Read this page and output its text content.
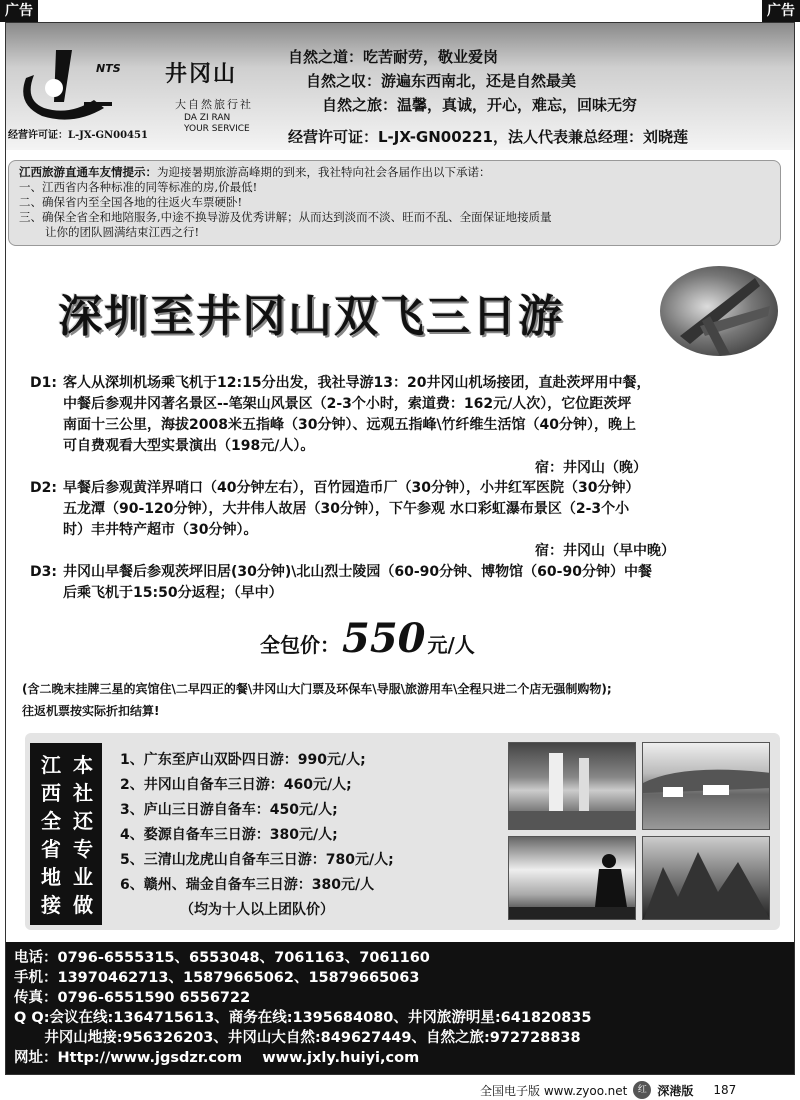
广告	广告
NTS 井冈山
大自然旅行社
DA ZI RAN
YOUR SERVICE
经营许可证：L-JX-GN00451
自然之道：吃苦耐劳，敬业爱岗
自然之収：游遍东西南北，还是自然最美
自然之旅：温馨，真诚，开心，难忘，回味无穷
经营许可证：L-JX-GN00221，法人代表兼总经理：刘晓莲
江西旅游直通车友情提示：为迎接暑期旅游高峰期的到来，我社特向社会各届作出以下承诺：
一、江西省内各种标准的同等标准的房,价最低!
二、确保省内至全国各地的往返火车票硬卧!
三、确保全省全和地陪服务,中途不换导游及优秀讲解；从而达到淡而不淡、旺而不乱、全面保证地接质量
让你的团队圆满结束江西之行!
深圳至井冈山双飞三日游
D1: 客人从深圳机场乘飞机于12:15分出发，我社导游13：20井冈山机场接团，直赴茨坪用中餐，
中餐后参观井冈著名景区--笔架山风景区（2-3个小时，索道费：162元/人次），它位距茨坪
南面十三公里，海拔2008米五指峰（30分钟）、远观五指峰\竹纤维生活馆（40分钟），晚上
可自费观看大型实景演出（198元/人）。
宿：井冈山（晚）
D2: 早餐后参观黄洋界哨口（40分钟左右），百竹园造币厂（30分钟），小井红军医院（30分钟）
五龙潭（90-120分钟），大井伟人故居（30分钟），下午参观 水口彩虹瀑布景区（2-3个小
时）丰井特产超市（30分钟）。
宿：井冈山（早中晚）
D3: 井冈山早餐后参观茨坪旧居(30分钟)\北山烈士陵园（60-90分钟、博物馆（60-90分钟）中餐
后乘飞机于15:50分返程；（早中）
全包价：550 元/人
(含二晚末挂牌三星的宾馆住\二早四正的餐\井冈山大门票及环保车\导服\旅游用车\全程只进二个店无强制购物);
往返机票按实际折扣结算!
江
西
全
省
地
接
本
社
还
专
业
做
1、广东至庐山双卧四日游：990元/人;
2、井冈山自备车三日游：460元/人;
3、庐山三日游自备车：450元/人;
4、婺源自备车三日游：380元/人;
5、三清山龙虎山自备车三日游：780元/人;
6、赣州、瑞金自备车三日游：380元/人
（均为十人以上团队价）
电话：0796-6555315、6553048、7061163、7061160
手机：13970462713、15879665062、15879665063
传真：0796-6551590 6556722
Q Q:会议在线:1364715613、商务在线:1395684080、井冈旅游明星:641820835
井冈山地接:956326203、井冈山大自然:849627449、自然之旅:972728838
网址：Http://www.jgsdzr.com    www.jxly.huiyi,com
全国电子版 www.zyoo.net	红 深港版 187
